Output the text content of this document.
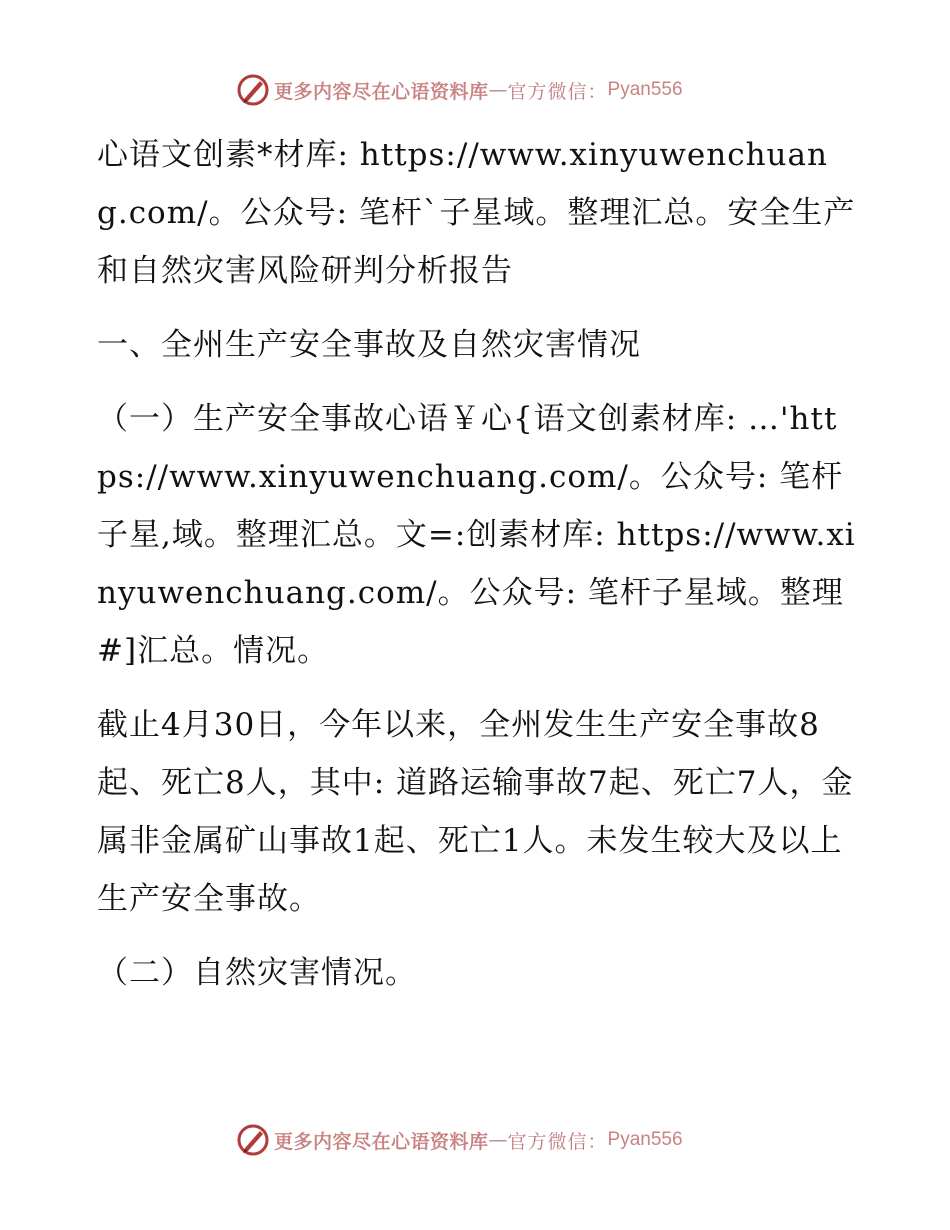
更多内容尽在心语资料库 — 官方微信： Pyan556

心语文创素*材库: https://www.xinyuwenchuang.com/。公众号: 笔杆`子星域。整理汇总。安全生产和自然灾害风险研判分析报告

一、全州生产安全事故及自然灾害情况

（一）生产安全事故心语￥心{语文创素材库: …'https://www.xinyuwenchuang.com/。公众号: 笔杆子星,域。整理汇总。文=:创素材库: https://www.xinyuwenchuang.com/。公众号: 笔杆子星域。整理#]汇总。情况。

截止4月30日，今年以来，全州发生生产安全事故8起、死亡8人，其中: 道路运输事故7起、死亡7人，金属非金属矿山事故1起、死亡1人。未发生较大及以上生产安全事故。

（二）自然灾害情况。

更多内容尽在心语资料库 — 官方微信： Pyan556
